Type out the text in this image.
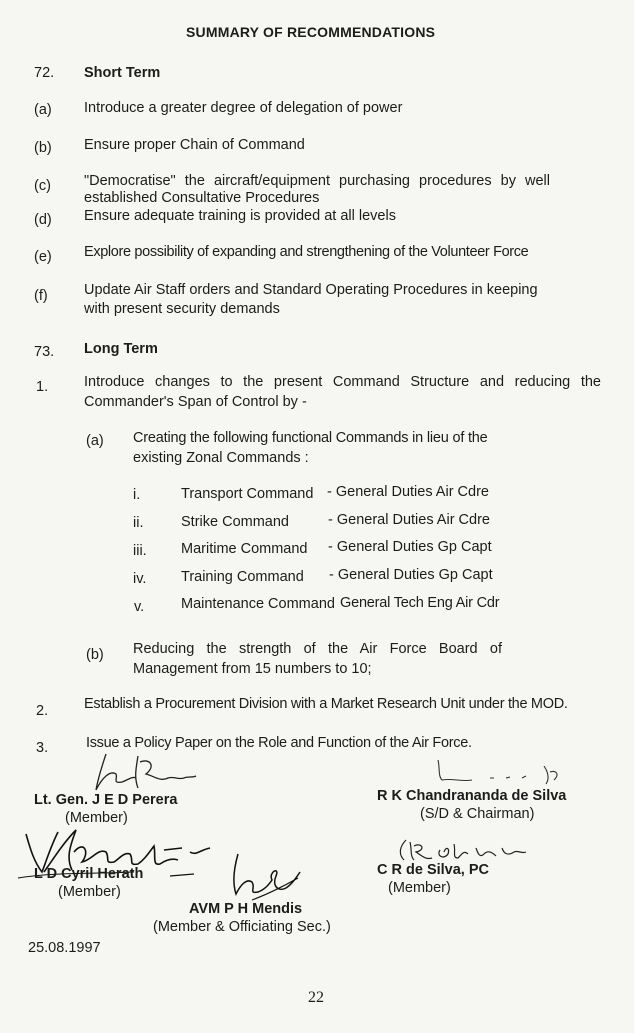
SUMMARY OF RECOMMENDATIONS
72. Short Term
(a) Introduce a greater degree of delegation of power
(b) Ensure proper Chain of Command
(c) "Democratise" the aircraft/equipment purchasing procedures by well
established Consultative Procedures
(d) Ensure adequate training is provided at all levels
(e) Explore possibility of expanding and strengthening of the Volunteer Force
(f)	Update Air Staff orders and Standard Operating Procedures in keeping
with present security demands
73. Long Term
1. Introduce changes to the present Command Structure and reducing the
Commander's Span of Control by -
(a) Creating the following functional Commands in lieu of the
existing Zonal Commands :
i.	Transport Command - General Duties Air Cdre
ii.	Strike Command	- General Duties Air Cdre
iii. Maritime Command - General Duties Gp Capt
iv. Training Command - General Duties Gp Capt
v.	Maintenance Command General Tech Eng Air Cdr
(b) Reducing the strength of the Air Force Board of
Management from 15 numbers to 10;
2. Establish a Procurement Division with a Market Research Unit under the MOD.
3.	Issue a Policy Paper on the Role and Function of the Air Force.
Lt. Gen. J E D Perera
(Member)
R K Chandrananda de Silva
(S/D & Chairman)
L D Cyril Herath
(Member)
C R de Silva, PC
(Member)
AVM P H Mendis
(Member & Officiating Sec.)
25.08.1997
22
